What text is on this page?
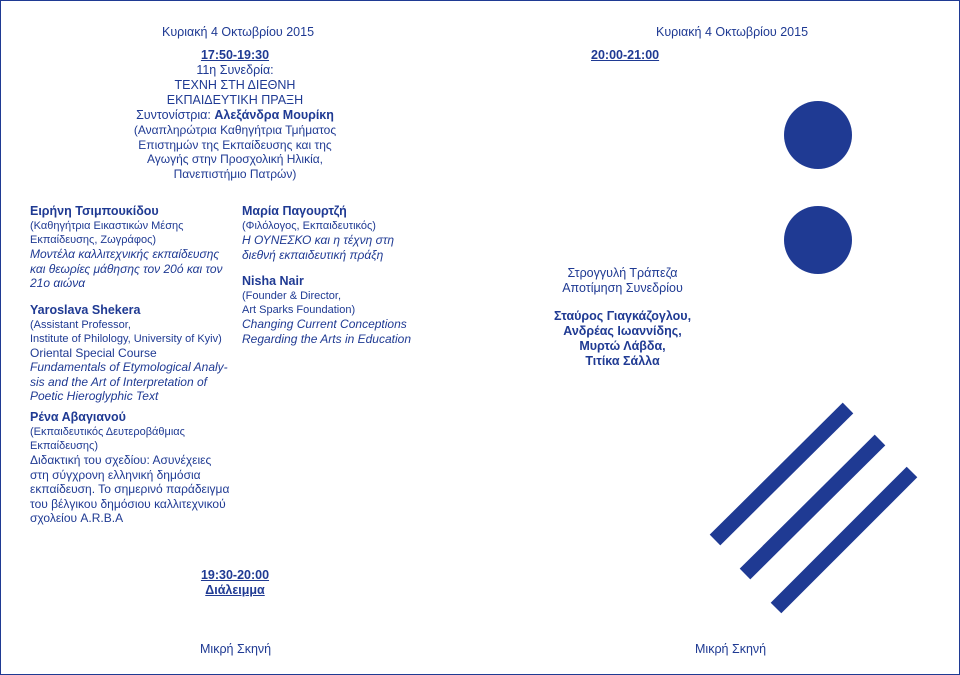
Κυριακή 4 Οκτωβρίου 2015	Κυριακή 4 Οκτωβρίου 2015
17:50-19:30
11η Συνεδρία:
ΤΕΧΝΗ ΣΤΗ ΔΙΕΘΝΗ
ΕΚΠΑΙΔΕΥΤΙΚΗ ΠΡΑΞΗ
Συντονίστρια: Αλεξάνδρα Μουρίκη
(Αναπληρώτρια Καθηγήτρια Τμήματος
Επιστημών της Εκπαίδευσης και της
Αγωγής στην Προσχολική Ηλικία,
Πανεπιστήμιο Πατρών)
20:00-21:00
Ειρήνη Τσιμπουκίδου
(Καθηγήτρια Εικαστικών Μέσης
Εκπαίδευσης, Ζωγράφος)
Μοντέλα καλλιτεχνικής εκπαίδευσης
και θεωρίες μάθησης τον 20ό και τον
21ο αιώνα
Yaroslava Shekera
(Assistant Professor,
Institute of Philology, University of Kyiv)
Oriental Special Course
Fundamentals of Etymological Analy-
sis and the Art of Interpretation of
Poetic Hieroglyphic Text
Μαρία Παγουρτζή
(Φιλόλογος, Εκπαιδευτικός)
Η ΟΥΝΕΣΚΟ και η τέχνη στη
διεθνή εκπαιδευτική πράξη
Nisha Nair
(Founder & Director,
Art Sparks Foundation)
Changing Current Conceptions
Regarding the Arts in Education
Ρένα Αβαγιανού
(Εκπαιδευτικός Δευτεροβάθμιας
Εκπαίδευσης)
Διδακτική του σχεδίου: Ασυνέχειες
στη σύγχρονη ελληνική δημόσια
εκπαίδευση. Το σημερινό παράδειγμα
του βέλγικου δημόσιου καλλιτεχνικού
σχολείου A.R.B.A
Στρογγυλή Τράπεζα
Αποτίμηση Συνεδρίου
Σταύρος Γιαγκάζογλου,
Ανδρέας Ιωαννίδης,
Μυρτώ Λάβδα,
Τιτίκα Σάλλα
19:30-20:00
Διάλειμμα
Μικρή Σκηνή	Μικρή Σκηνή
